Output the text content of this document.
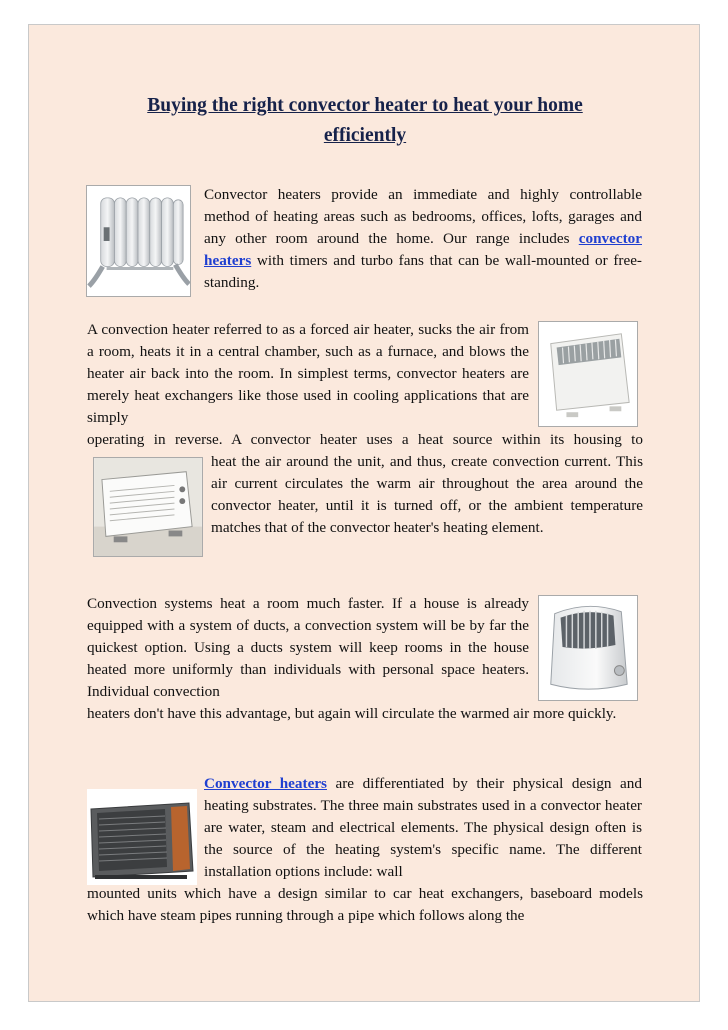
Buying the right convector heater to heat your home
efficiently

Convector heaters provide an immediate and highly controllable method of heating areas such as bedrooms, offices, lofts, garages and any other room around the home. Our range includes convector heaters with timers and turbo fans that can be wall-mounted or free-standing.

A convection heater referred to as a forced air heater, sucks the air from a room, heats it in a central chamber, such as a furnace, and blows the heater air back into the room. In simplest terms, convector heaters are merely heat exchangers like those used in cooling applications that are simply

operating in reverse. A convector heater uses a heat source within its housing to

heat the air around the unit, and thus, create convection current. This air current circulates the warm air throughout the area around the convector heater, until it is turned off, or the ambient temperature matches that of the convector heater's heating element.

Convection systems heat a room much faster. If a house is already equipped with a system of ducts, a convection system will be by far the quickest option. Using a ducts system will keep rooms in the house heated more uniformly than individuals with personal space heaters. Individual convection

heaters don't have this advantage, but again will circulate the warmed air more quickly.

Convector heaters are differentiated by their physical design and heating substrates. The three main substrates used in a convector heater are water, steam and electrical elements. The physical design often is the source of the heating system's specific name. The different installation options include: wall

mounted units which have a design similar to car heat exchangers, baseboard models which have steam pipes running through a pipe which follows along the
